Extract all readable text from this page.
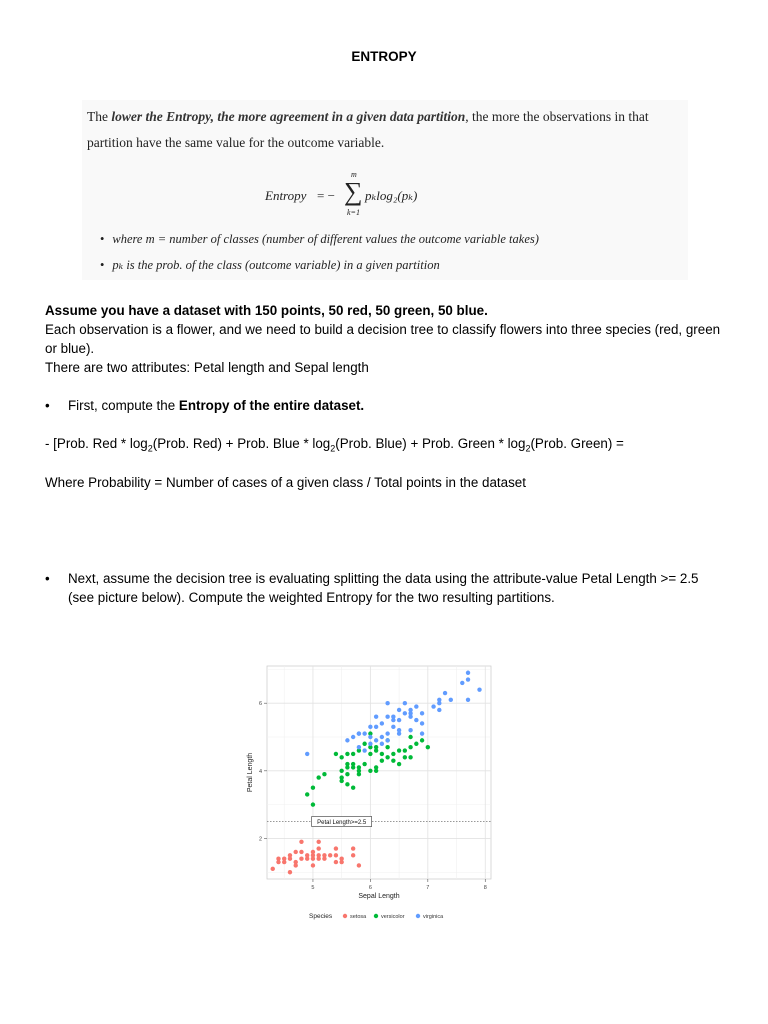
ENTROPY
The lower the Entropy, the more agreement in a given data partition, the more the observations in that
partition have the same value for the outcome variable.
Entropy = −
m
∑
k=1
pₖlog₂(pₖ)
• where m = number of classes (number of different values the outcome variable takes)
• pₖ is the prob. of the class (outcome variable) in a given partition
Assume you have a dataset with 150 points, 50 red, 50 green, 50 blue.
Each observation is a flower, and we need to build a decision tree to classify flowers into three species (red, green or blue).
There are two attributes: Petal length and Sepal length
• First, compute the Entropy of the entire dataset.
- [Prob. Red * $\log_2(Prob$. Red) + Prob. Blue * $\log_2(Prob$. Blue) + Prob. Green * $\log_2(Prob$. Green) =
Where Probability = Number of cases of a given class / Total points in the dataset
• Next, assume the decision tree is evaluating splitting the data using the attribute-value Petal Length >= 2.5 (see picture below). Compute the weighted Entropy for the two resulting partitions.
5	6	7	8
2
4
6
Petal Length>=2.5
Sepal Length
Petal Length
Species	setosa	versicolor	virginica
